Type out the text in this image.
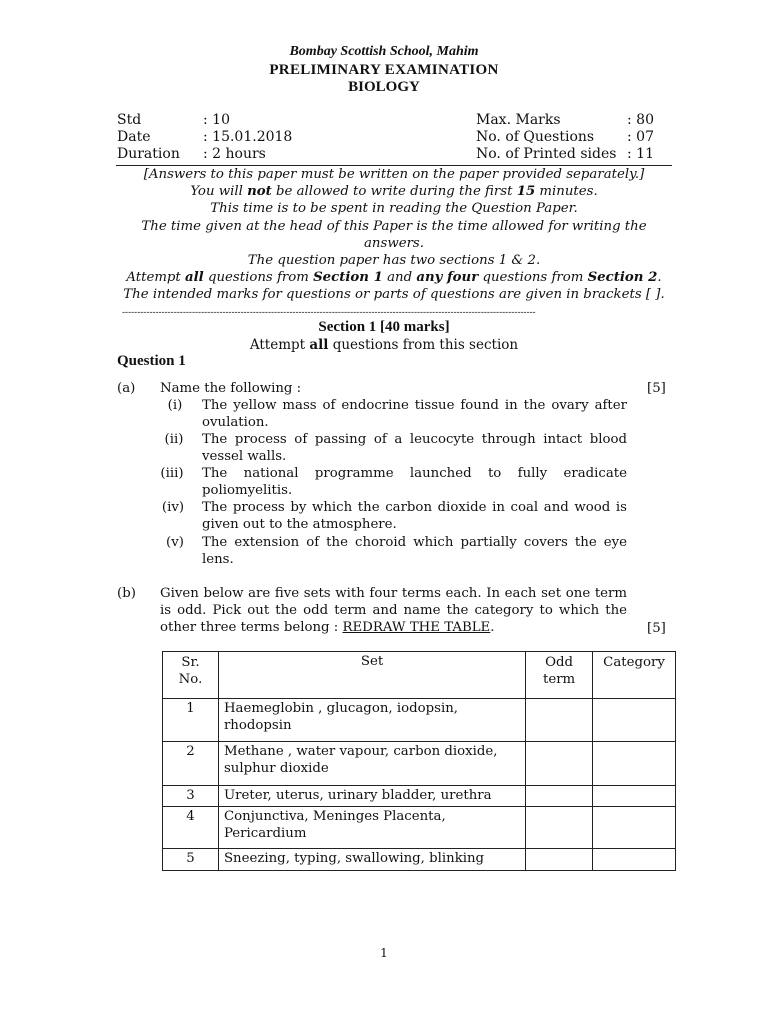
Bombay Scottish School, Mahim
PRELIMINARY EXAMINATION
BIOLOGY
Std	: 10
Date	: 15.01.2018
Duration : 2 hours
Max. Marks	: 80
No. of Questions : 07
No. of Printed sides : 11
[Answers to this paper must be written on the paper provided separately.]
You will not be allowed to write during the first 15 minutes.
This time is to be spent in reading the Question Paper.
The time given at the head of this Paper is the time allowed for writing the answers.
The question paper has two sections 1 & 2.
Attempt all questions from Section 1 and any four questions from Section 2.
The intended marks for questions or parts of questions are given in brackets [ ].
----------------------------------------------------------------------------------------------------------------------------------------
Section 1 [40 marks]
Attempt all questions from this section
Question 1
(a) Name the following :	[5]
(i) The yellow mass of endocrine tissue found in the ovary after ovulation.
(ii) The process of passing of a leucocyte through intact blood vessel walls.
(iii) The national programme launched to fully eradicate poliomyelitis.
(iv) The process by which the carbon dioxide in coal and wood is given out to the atmosphere.
(v) The extension of the choroid which partially covers the eye lens.
(b) Given below are five sets with four terms each. In each set one term is odd. Pick out the odd term and name the category to which the other three terms belong : REDRAW THE TABLE.	[5]
Sr. No.	Set	Odd term	Category
1	Haemeglobin , glucagon, iodopsin, rhodopsin		
2	Methane , water vapour, carbon dioxide, sulphur dioxide		
3	Ureter, uterus, urinary bladder, urethra		
4	Conjunctiva, Meninges Placenta, Pericardium		
5	Sneezing, typing, swallowing, blinking		
1
